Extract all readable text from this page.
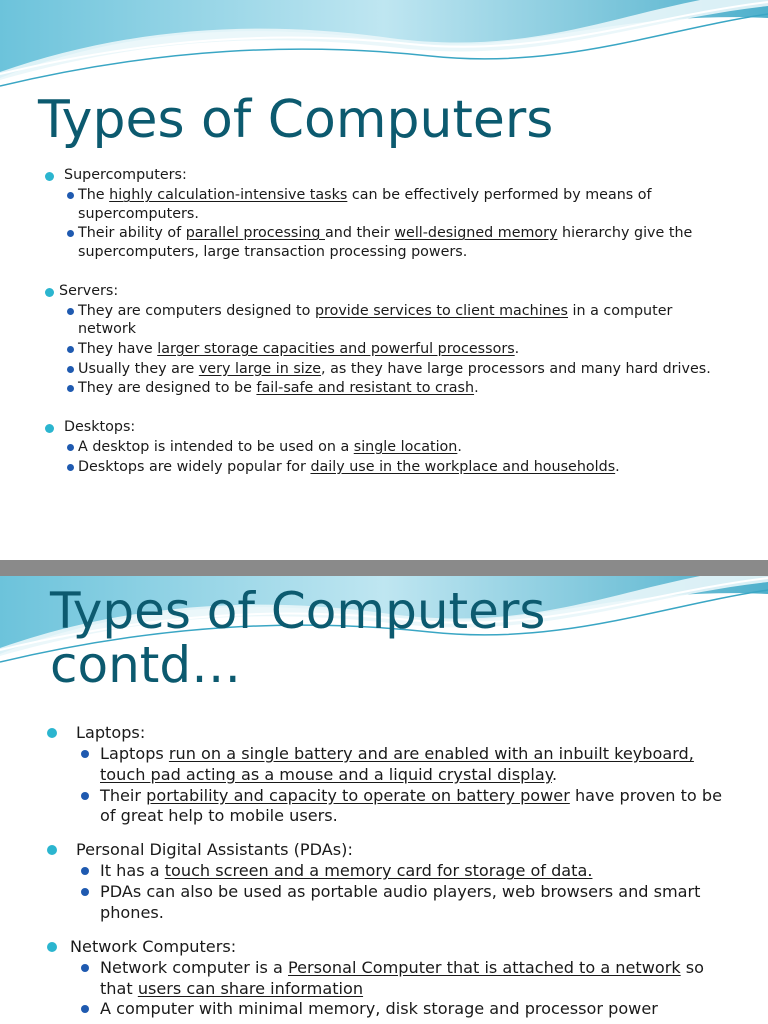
Types of Computers
Supercomputers:
The highly calculation-intensive tasks can be effectively performed by means of supercomputers.
Their ability of parallel processing and their well-designed memory hierarchy give the supercomputers, large transaction processing powers.
Servers:
They are computers designed to provide services to client machines in a computer network
They have larger storage capacities and powerful processors.
Usually they are very large in size, as they have large processors and many hard drives.
They are designed to be fail-safe and resistant to crash.
Desktops:
A desktop is intended to be used on a single location.
Desktops are widely popular for daily use in the workplace and households.
Types of Computers
contd…
Laptops:
Laptops run on a single battery and are enabled with an inbuilt keyboard, touch pad acting as a mouse and a liquid crystal display.
Their portability and capacity to operate on battery power have proven to be of great help to mobile users.
Personal Digital Assistants (PDAs):
It has a touch screen and a memory card for storage of data.
PDAs can also be used as portable audio players, web browsers and smart phones.
Network Computers:
Network computer is a Personal Computer that is attached to a network so that users can share information
A computer with minimal memory, disk storage and processor power
